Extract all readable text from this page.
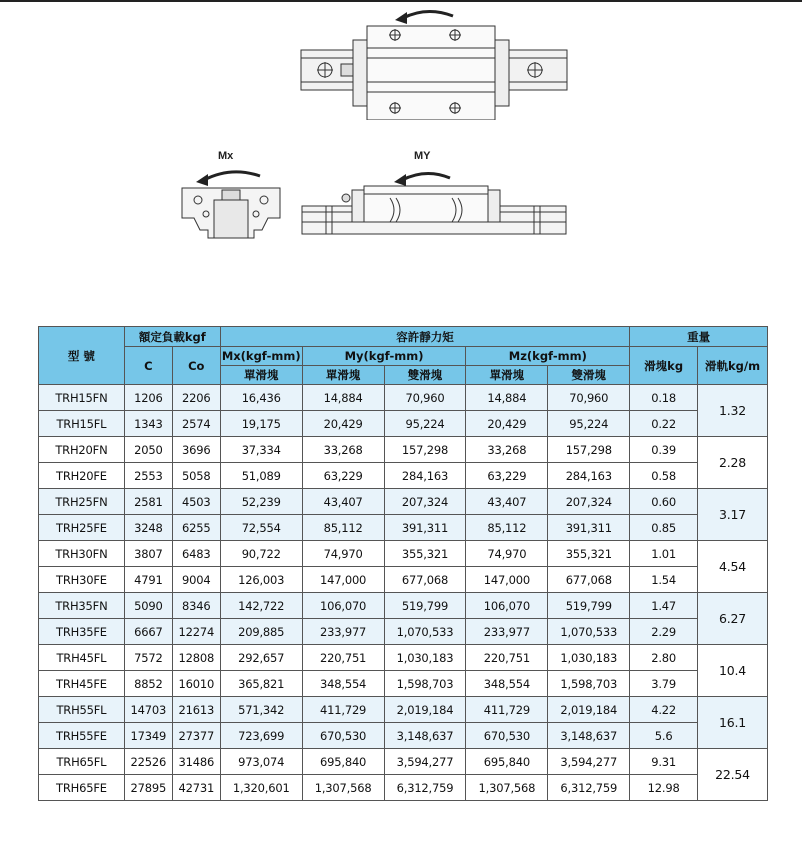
Mx	MY
型 號	額定負載kgf		容許靜力矩					重量	
	C	Co	Mx(kgf-mm)	My(kgf-mm)		Mz(kgf-mm)		滑塊kg	滑軌kg/m
			單滑塊	單滑塊	雙滑塊	單滑塊	雙滑塊		
TRH15FN	1206	2206	16,436	14,884	70,960	14,884	70,960	0.18	1.32
TRH15FL	1343	2574	19,175	20,429	95,224	20,429	95,224	0.22	
TRH20FN	2050	3696	37,334	33,268	157,298	33,268	157,298	0.39	2.28
TRH20FE	2553	5058	51,089	63,229	284,163	63,229	284,163	0.58	
TRH25FN	2581	4503	52,239	43,407	207,324	43,407	207,324	0.60	3.17
TRH25FE	3248	6255	72,554	85,112	391,311	85,112	391,311	0.85	
TRH30FN	3807	6483	90,722	74,970	355,321	74,970	355,321	1.01	4.54
TRH30FE	4791	9004	126,003	147,000	677,068	147,000	677,068	1.54	
TRH35FN	5090	8346	142,722	106,070	519,799	106,070	519,799	1.47	6.27
TRH35FE	6667	12274	209,885	233,977	1,070,533	233,977	1,070,533	2.29	
TRH45FL	7572	12808	292,657	220,751	1,030,183	220,751	1,030,183	2.80	10.4
TRH45FE	8852	16010	365,821	348,554	1,598,703	348,554	1,598,703	3.79	
TRH55FL	14703	21613	571,342	411,729	2,019,184	411,729	2,019,184	4.22	16.1
TRH55FE	17349	27377	723,699	670,530	3,148,637	670,530	3,148,637	5.6	
TRH65FL	22526	31486	973,074	695,840	3,594,277	695,840	3,594,277	9.31	22.54
TRH65FE	27895	42731	1,320,601	1,307,568	6,312,759	1,307,568	6,312,759	12.98	
